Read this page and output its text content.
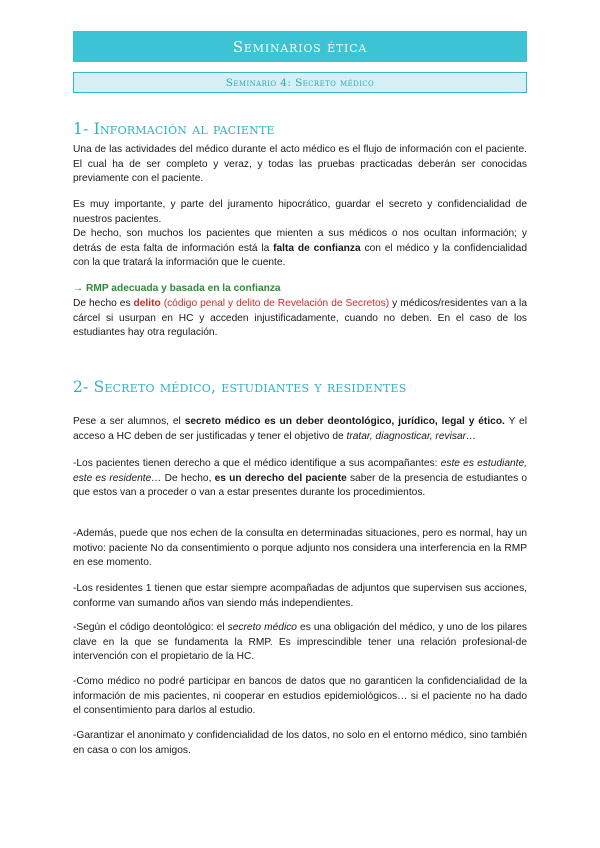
Seminarios ética
Seminario 4: Secreto médico
1- Información al paciente

Una de las actividades del médico durante el acto médico es el flujo de información con el paciente. El cual ha de ser completo y veraz, y todas las pruebas practicadas deberán ser conocidas previamente con el paciente.

Es muy importante, y parte del juramento hipocrático, guardar el secreto y confidencialidad de nuestros pacientes.

De hecho, son muchos los pacientes que mienten a sus médicos o nos ocultan información; y detrás de esta falta de información está la falta de confianza con el médico y la confidencialidad con la que tratará la información que le cuente.

→ RMP adecuada y basada en la confianza

De hecho es delito (código penal y delito de Revelación de Secretos) y médicos/residentes van a la cárcel si usurpan en HC y acceden injustificadamente, cuando no deben. En el caso de los estudiantes hay otra regulación.

2- Secreto médico, estudiantes y residentes

Pese a ser alumnos, el secreto médico es un deber deontológico, jurídico, legal y ético. Y el acceso a HC deben de ser justificadas y tener el objetivo de tratar, diagnosticar, revisar…

-Los pacientes tienen derecho a que el médico identifique a sus acompañantes: este es estudiante, este es residente… De hecho, es un derecho del paciente saber de la presencia de estudiantes o que estos van a proceder o van a estar presentes durante los procedimientos.

-Además, puede que nos echen de la consulta en determinadas situaciones, pero es normal, hay un motivo: paciente No da consentimiento o porque adjunto nos considera una interferencia en la RMP en ese momento.

-Los residentes 1 tienen que estar siempre acompañadas de adjuntos que supervisen sus acciones, conforme van sumando años van siendo más independientes.

-Según el código deontológico: el secreto médico es una obligación del médico, y uno de los pilares clave en la que se fundamenta la RMP. Es imprescindible tener una relación profesional-de intervención con el propietario de la HC.

-Como médico no podré participar en bancos de datos que no garanticen la confidencialidad de la información de mis pacientes, ni cooperar en estudios epidemiológicos… si el paciente no ha dado el consentimiento para darlos al estudio.

-Garantizar el anonimato y confidencialidad de los datos, no solo en el entorno médico, sino también en casa o con los amigos.
